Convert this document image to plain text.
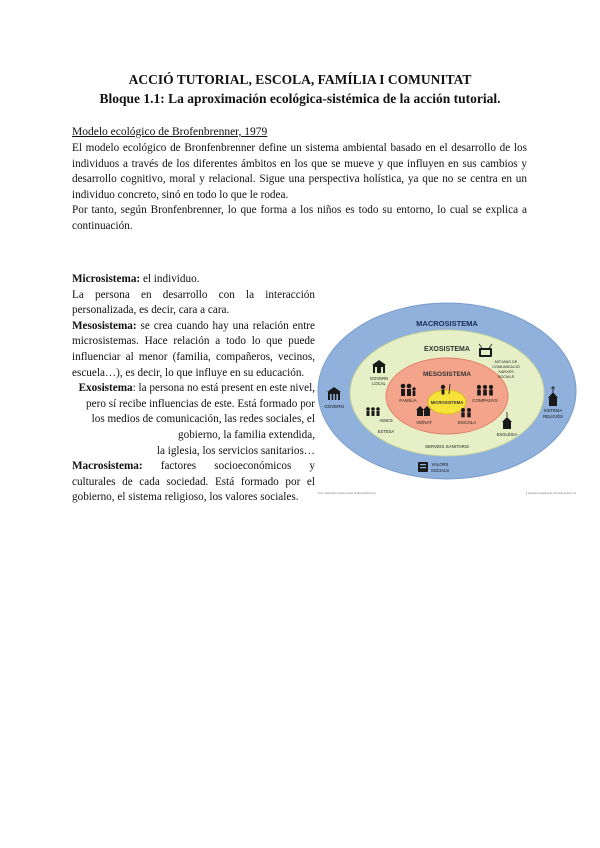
ACCIÓ TUTORIAL, ESCOLA, FAMÍLIA I COMUNITAT
Bloque 1.1: La aproximación ecológica-sistémica de la acción tutorial.
Modelo ecológico de Brofenbrenner, 1979

El modelo ecológico de Bronfenbrenner define un sistema ambiental basado en el desarrollo de los individuos a través de los diferentes ámbitos en los que se mueve y que influyen en sus cambios y desarrollo cognitivo, moral y relacional. Sigue una perspectiva holística, ya que no se centra en un individuo concreto, sinó en todo lo que le rodea.

Por tanto, según Bronfenbrenner, lo que forma a los niños es todo su entorno, lo cual se explica a continuación.

Microsistema: el individuo.

La persona en desarrollo con la interacción personalizada, es decir, cara a cara.

Mesosistema: se crea cuando hay una relación entre microsistemas. Hace relación a todo lo que puede influenciar al menor (familia, compañeros, vecinos, escuela…), es decir, lo que influye en su educación.

Exosistema: la persona no está present en este nivel, pero sí recibe influencias de este. Está formado por los medios de comunicación, las redes sociales, el gobierno, la familia extendida,

la iglesia, los servicios sanitarios…

Macrosistema: factores socioeconómicos y culturales de cada sociedad. Está formado por el gobierno, el sistema religioso, los valores sociales.

MACROSISTEMA
EXOSISTEMA
MESOSISTEMA
MICROSISTEMA
FAMÍLIA	COMPANYS
VEÏNAT	ESCOLA
GOVERN
LOCAL
AMICS
ESTESA
MITJANS DE
COMUNICACIÓ
XARXES
SOCIALS
ESGLÉSIA
SERVEIS SANITARIS
GOVERN
SISTEMA
RELIGIÓS
VALORS
SOCIALS
Font: elaboració pròpia a partir de Bronfenbrenner	Il·lustració creada amb recursos de lliure ús
